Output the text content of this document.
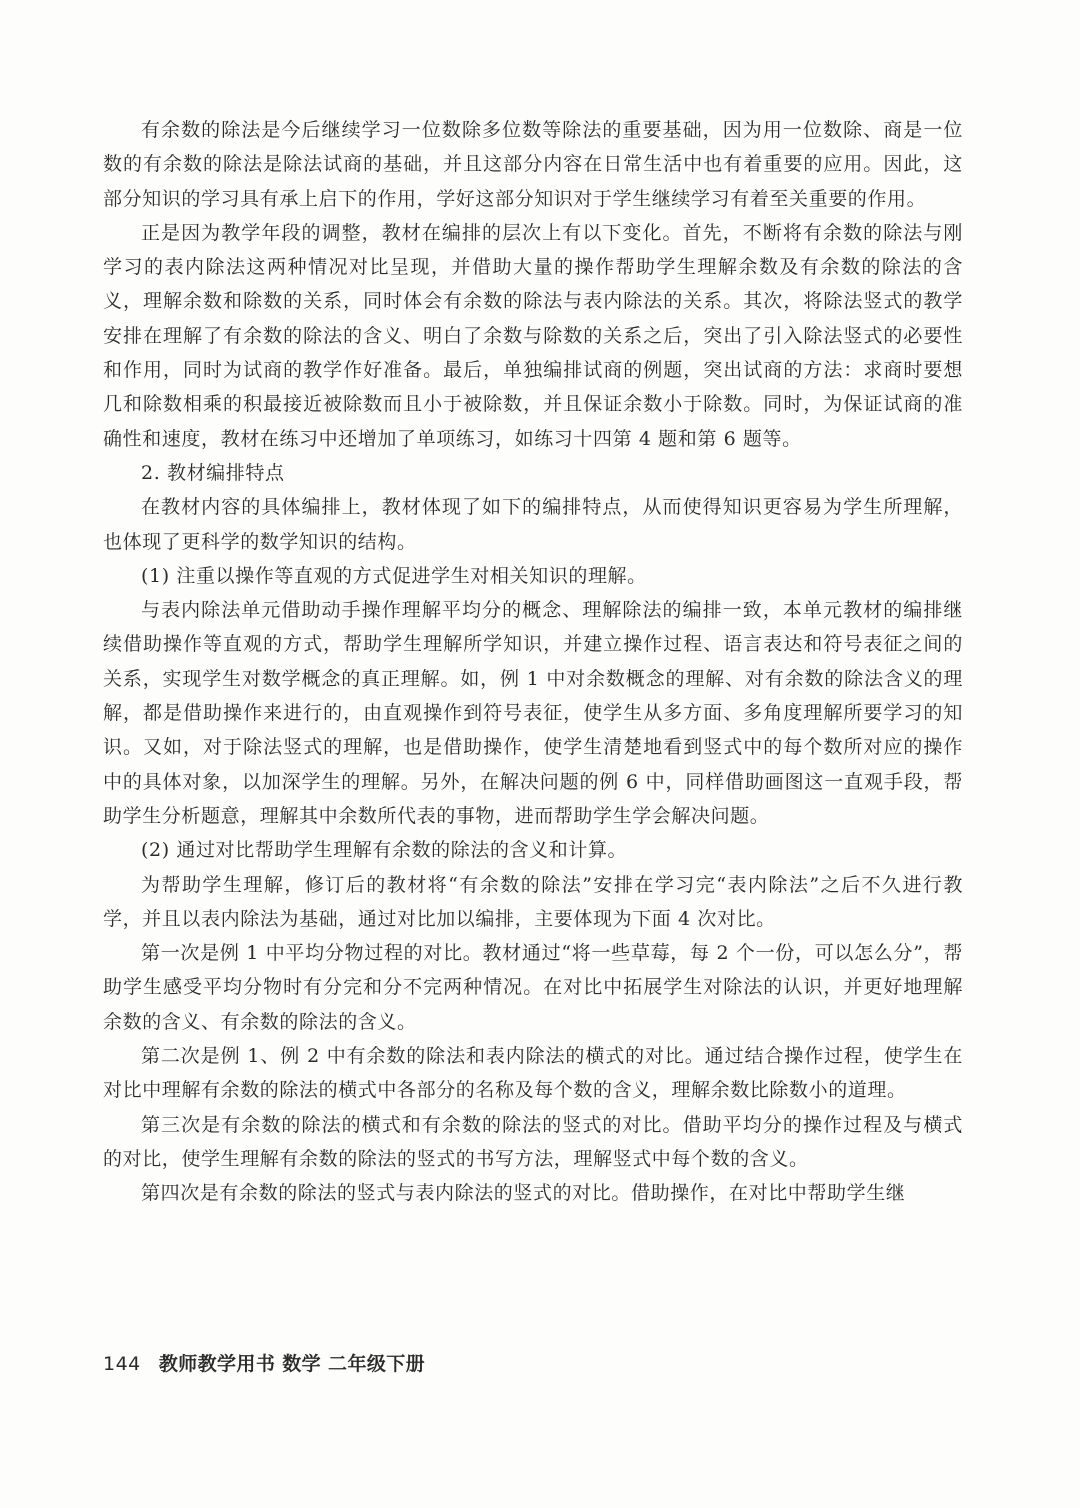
有余数的除法是今后继续学习一位数除多位数等除法的重要基础，因为用一位数除、商是一位数的有余数的除法是除法试商的基础，并且这部分内容在日常生活中也有着重要的应用。因此，这部分知识的学习具有承上启下的作用，学好这部分知识对于学生继续学习有着至关重要的作用。

正是因为教学年段的调整，教材在编排的层次上有以下变化。首先，不断将有余数的除法与刚学习的表内除法这两种情况对比呈现，并借助大量的操作帮助学生理解余数及有余数的除法的含义，理解余数和除数的关系，同时体会有余数的除法与表内除法的关系。其次，将除法竖式的教学安排在理解了有余数的除法的含义、明白了余数与除数的关系之后，突出了引入除法竖式的必要性和作用，同时为试商的教学作好准备。最后，单独编排试商的例题，突出试商的方法：求商时要想几和除数相乘的积最接近被除数而且小于被除数，并且保证余数小于除数。同时，为保证试商的准确性和速度，教材在练习中还增加了单项练习，如练习十四第 4 题和第 6 题等。

2. 教材编排特点

在教材内容的具体编排上，教材体现了如下的编排特点，从而使得知识更容易为学生所理解，也体现了更科学的数学知识的结构。

(1) 注重以操作等直观的方式促进学生对相关知识的理解。

与表内除法单元借助动手操作理解平均分的概念、理解除法的编排一致，本单元教材的编排继续借助操作等直观的方式，帮助学生理解所学知识，并建立操作过程、语言表达和符号表征之间的关系，实现学生对数学概念的真正理解。如，例 1 中对余数概念的理解、对有余数的除法含义的理解，都是借助操作来进行的，由直观操作到符号表征，使学生从多方面、多角度理解所要学习的知识。又如，对于除法竖式的理解，也是借助操作，使学生清楚地看到竖式中的每个数所对应的操作中的具体对象，以加深学生的理解。另外，在解决问题的例 6 中，同样借助画图这一直观手段，帮助学生分析题意，理解其中余数所代表的事物，进而帮助学生学会解决问题。

(2) 通过对比帮助学生理解有余数的除法的含义和计算。

为帮助学生理解，修订后的教材将“有余数的除法”安排在学习完“表内除法”之后不久进行教学，并且以表内除法为基础，通过对比加以编排，主要体现为下面 4 次对比。

第一次是例 1 中平均分物过程的对比。教材通过“将一些草莓，每 2 个一份，可以怎么分”，帮助学生感受平均分物时有分完和分不完两种情况。在对比中拓展学生对除法的认识，并更好地理解余数的含义、有余数的除法的含义。

第二次是例 1、例 2 中有余数的除法和表内除法的横式的对比。通过结合操作过程，使学生在对比中理解有余数的除法的横式中各部分的名称及每个数的含义，理解余数比除数小的道理。

第三次是有余数的除法的横式和有余数的除法的竖式的对比。借助平均分的操作过程及与横式的对比，使学生理解有余数的除法的竖式的书写方法，理解竖式中每个数的含义。

第四次是有余数的除法的竖式与表内除法的竖式的对比。借助操作，在对比中帮助学生继

144 教师教学用书 数学 二年级下册
